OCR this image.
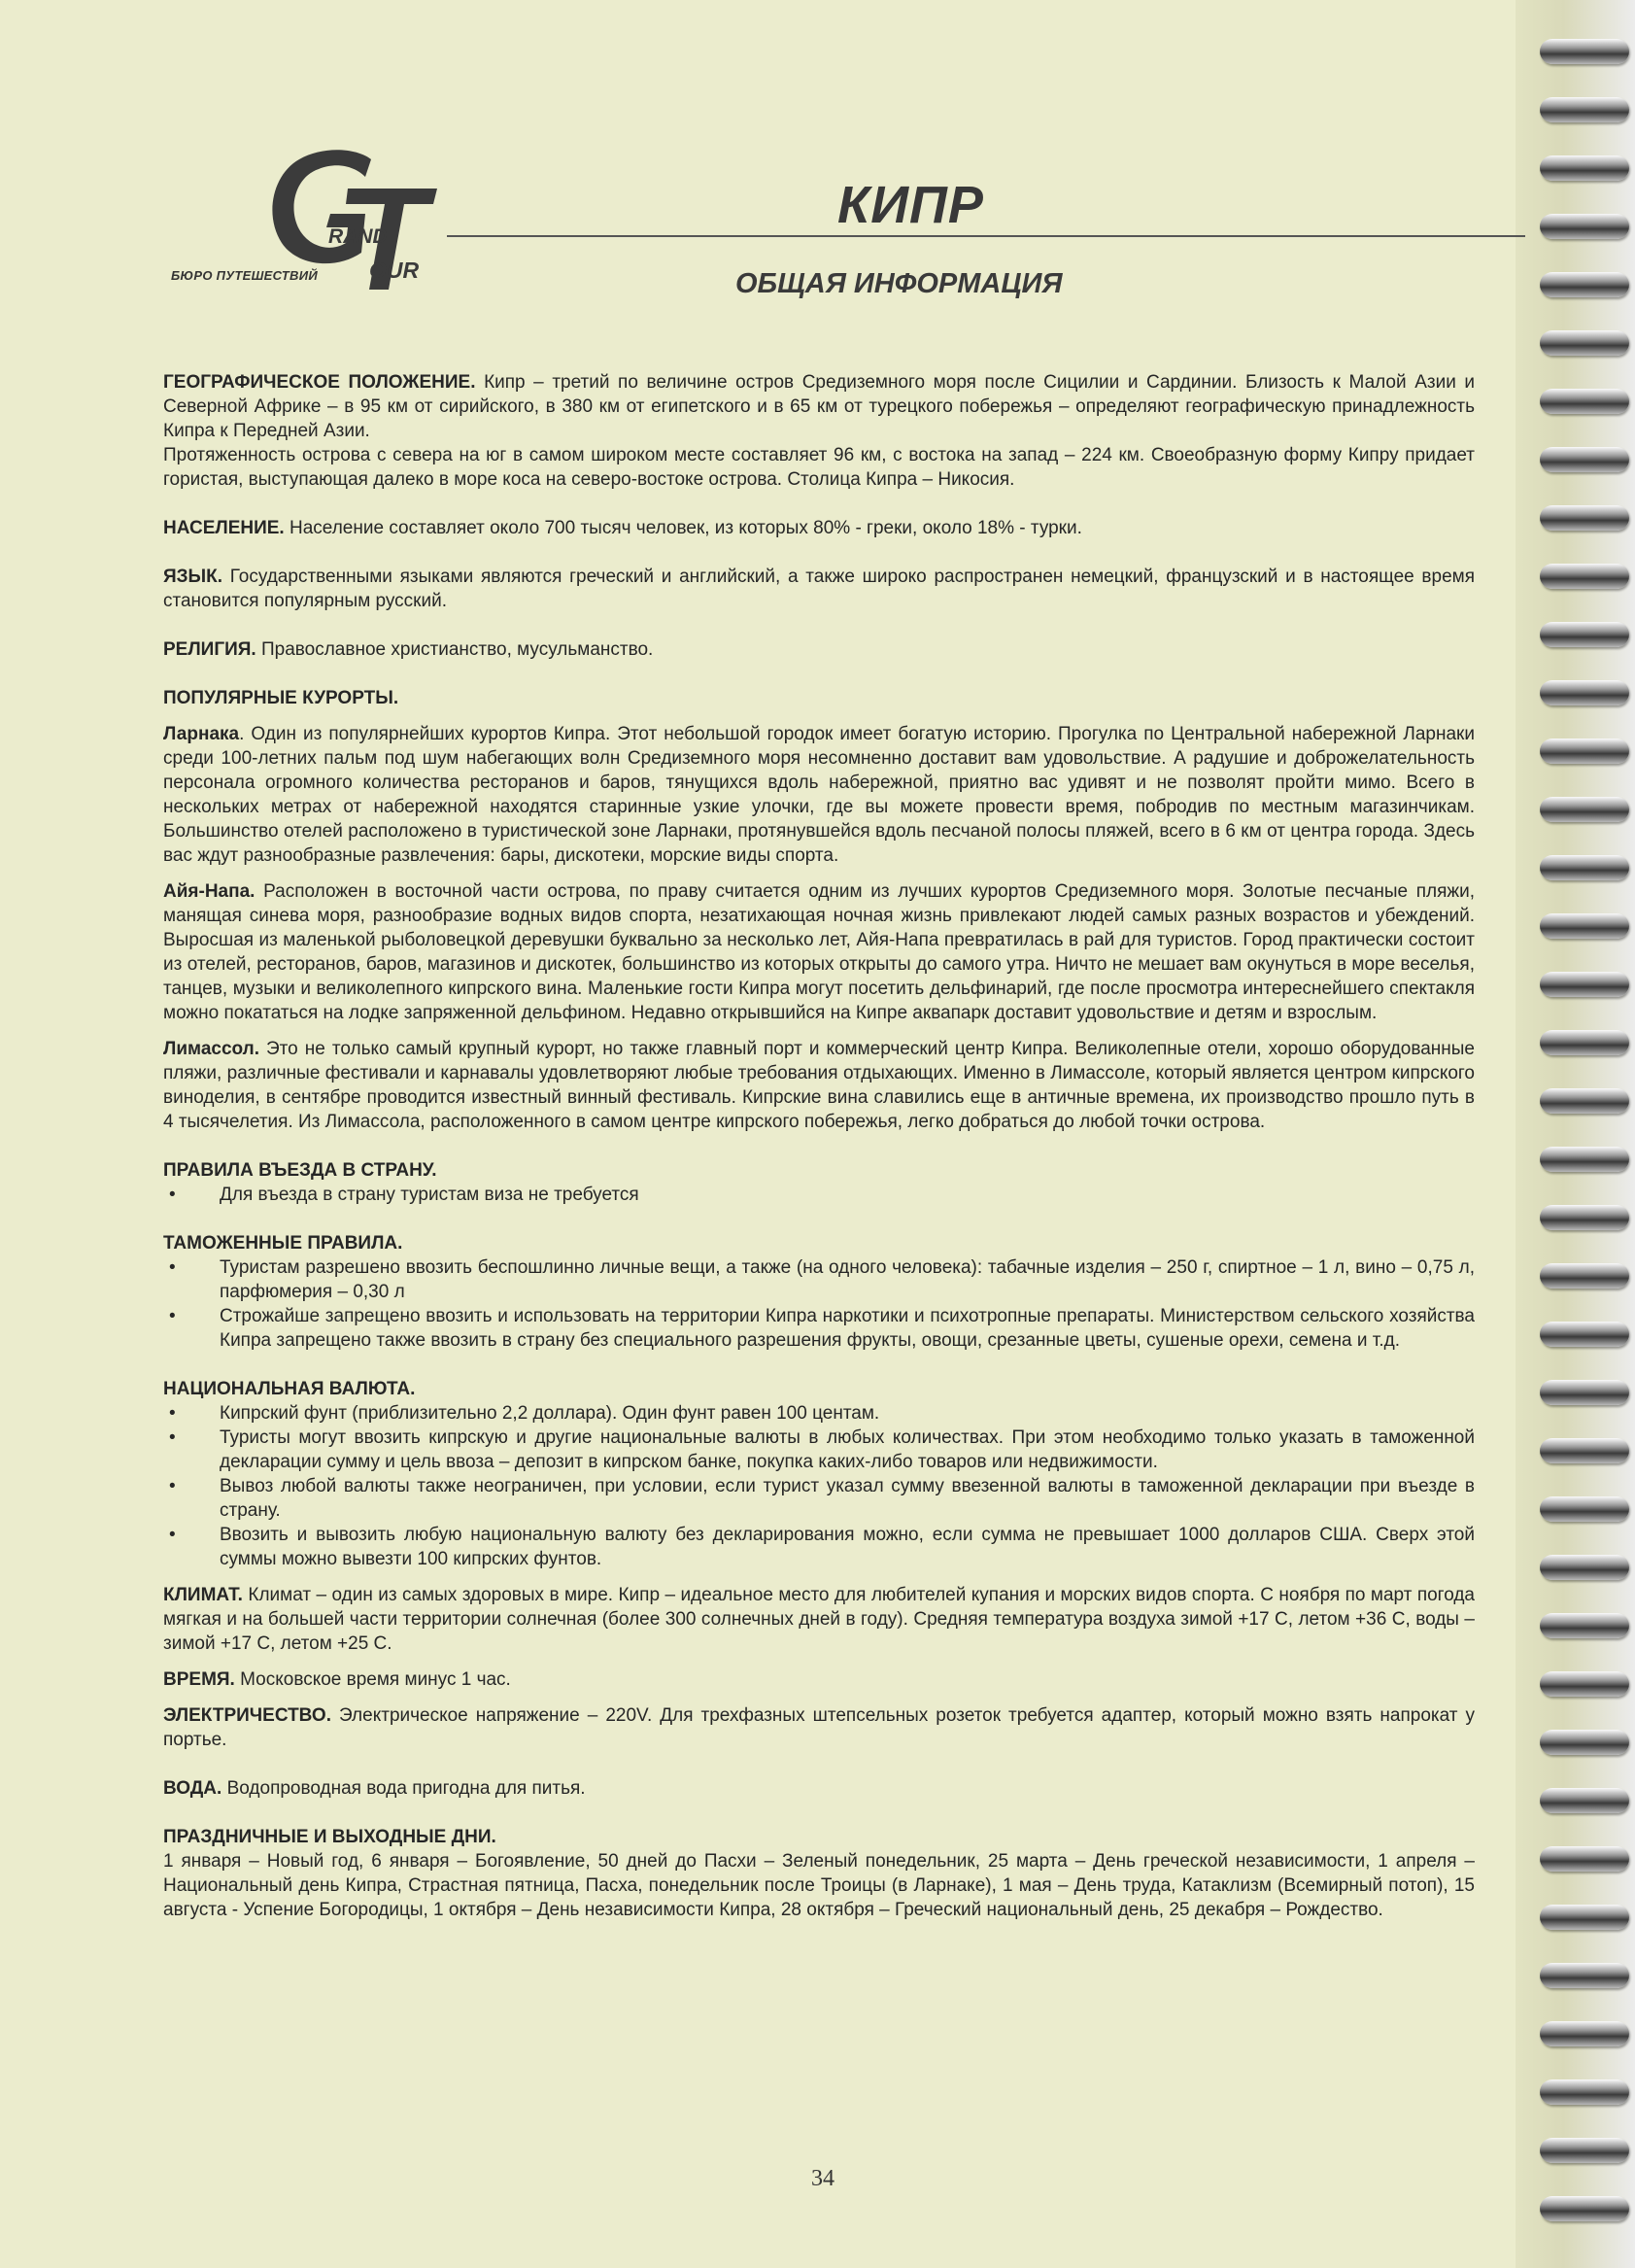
RAND
OUR
БЮРО ПУТЕШЕСТВИЙ
КИПР
ОБЩАЯ ИНФОРМАЦИЯ

ГЕОГРАФИЧЕСКОЕ ПОЛОЖЕНИЕ. Кипр – третий по величине остров Средиземного моря после Сицилии и Сардинии. Близость к Малой Азии и Северной Африке – в 95 км от сирийского, в 380 км от египетского и в 65 км от турецкого побережья – определяют географическую принадлежность Кипра к Передней Азии.

Протяженность острова с севера на юг в самом широком месте составляет 96 км, с востока на запад – 224 км. Своеобразную форму Кипру придает гористая, выступающая далеко в море коса на северо-востоке острова. Столица Кипра – Никосия.

НАСЕЛЕНИЕ. Население составляет около 700 тысяч человек, из которых 80% - греки, около 18% - турки.

ЯЗЫК. Государственными языками являются греческий и английский, а также широко распространен немецкий, французский и в настоящее время становится популярным русский.

РЕЛИГИЯ. Православное христианство, мусульманство.

ПОПУЛЯРНЫЕ КУРОРТЫ.

Ларнака. Один из популярнейших курортов Кипра. Этот небольшой городок имеет богатую историю. Прогулка по Центральной набережной Ларнаки среди 100-летних пальм под шум набегающих волн Средиземного моря несомненно доставит вам удовольствие. А радушие и доброжелательность персонала огромного количества ресторанов и баров, тянущихся вдоль набережной, приятно вас удивят и не позволят пройти мимо. Всего в нескольких метрах от набережной находятся старинные узкие улочки, где вы можете провести время, побродив по местным магазинчикам. Большинство отелей расположено в туристической зоне Ларнаки, протянувшейся вдоль песчаной полосы пляжей, всего в 6 км от центра города. Здесь вас ждут разнообразные развлечения: бары, дискотеки, морские виды спорта.

Айя-Напа. Расположен в восточной части острова, по праву считается одним из лучших курортов Средиземного моря. Золотые песчаные пляжи, манящая синева моря, разнообразие водных видов спорта, незатихающая ночная жизнь привлекают людей самых разных возрастов и убеждений. Выросшая из маленькой рыболовецкой деревушки буквально за несколько лет, Айя-Напа превратилась в рай для туристов. Город практически состоит из отелей, ресторанов, баров, магазинов и дискотек, большинство из которых открыты до самого утра. Ничто не мешает вам окунуться в море веселья, танцев, музыки и великолепного кипрского вина. Маленькие гости Кипра могут посетить дельфинарий, где после просмотра интереснейшего спектакля можно покататься на лодке запряженной дельфином. Недавно открывшийся на Кипре аквапарк доставит удовольствие и детям и взрослым.

Лимассол. Это не только самый крупный курорт, но также главный порт и коммерческий центр Кипра. Великолепные отели, хорошо оборудованные пляжи, различные фестивали и карнавалы удовлетворяют любые требования отдыхающих. Именно в Лимассоле, который является центром кипрского виноделия, в сентябре проводится известный винный фестиваль. Кипрские вина славились еще в античные времена, их производство прошло путь в 4 тысячелетия. Из Лимассола, расположенного в самом центре кипрского побережья, легко добраться до любой точки острова.

ПРАВИЛА ВЪЕЗДА В СТРАНУ.

• Для въезда в страну туристам виза не требуется

ТАМОЖЕННЫЕ ПРАВИЛА.

• Туристам разрешено ввозить беспошлинно личные вещи, а также (на одного человека): табачные изделия – 250 г, спиртное – 1 л, вино – 0,75 л, парфюмерия – 0,30 л
• Строжайше запрещено ввозить и использовать на территории Кипра наркотики и психотропные препараты. Министерством сельского хозяйства Кипра запрещено также ввозить в страну без специального разрешения фрукты, овощи, срезанные цветы, сушеные орехи, семена и т.д.

НАЦИОНАЛЬНАЯ ВАЛЮТА.

• Кипрский фунт (приблизительно 2,2 доллара). Один фунт равен 100 центам.
• Туристы могут ввозить кипрскую и другие национальные валюты в любых количествах. При этом необходимо только указать в таможенной декларации сумму и цель ввоза – депозит в кипрском банке, покупка каких-либо товаров или недвижимости.
• Вывоз любой валюты также неограничен, при условии, если турист указал сумму ввезенной валюты в таможенной декларации при въезде в страну.
• Ввозить и вывозить любую национальную валюту без декларирования можно, если сумма не превышает 1000 долларов США. Сверх этой суммы можно вывезти 100 кипрских фунтов.

КЛИМАТ. Климат – один из самых здоровых в мире. Кипр – идеальное место для любителей купания и морских видов спорта. С ноября по март погода мягкая и на большей части территории солнечная (более 300 солнечных дней в году). Средняя температура воздуха зимой +17 С, летом +36 С, воды – зимой +17 С, летом +25 С.

ВРЕМЯ. Московское время минус 1 час.

ЭЛЕКТРИЧЕСТВО. Электрическое напряжение – 220V. Для трехфазных штепсельных розеток требуется адаптер, который можно взять напрокат у портье.

ВОДА. Водопроводная вода пригодна для питья.

ПРАЗДНИЧНЫЕ И ВЫХОДНЫЕ ДНИ.

1 января – Новый год, 6 января – Богоявление, 50 дней до Пасхи – Зеленый понедельник, 25 марта – День греческой независимости, 1 апреля – Национальный день Кипра, Страстная пятница, Пасха, понедельник после Троицы (в Ларнаке), 1 мая – День труда, Катаклизм (Всемирный потоп), 15 августа - Успение Богородицы, 1 октября – День независимости Кипра, 28 октября – Греческий национальный день, 25 декабря – Рождество.

34
